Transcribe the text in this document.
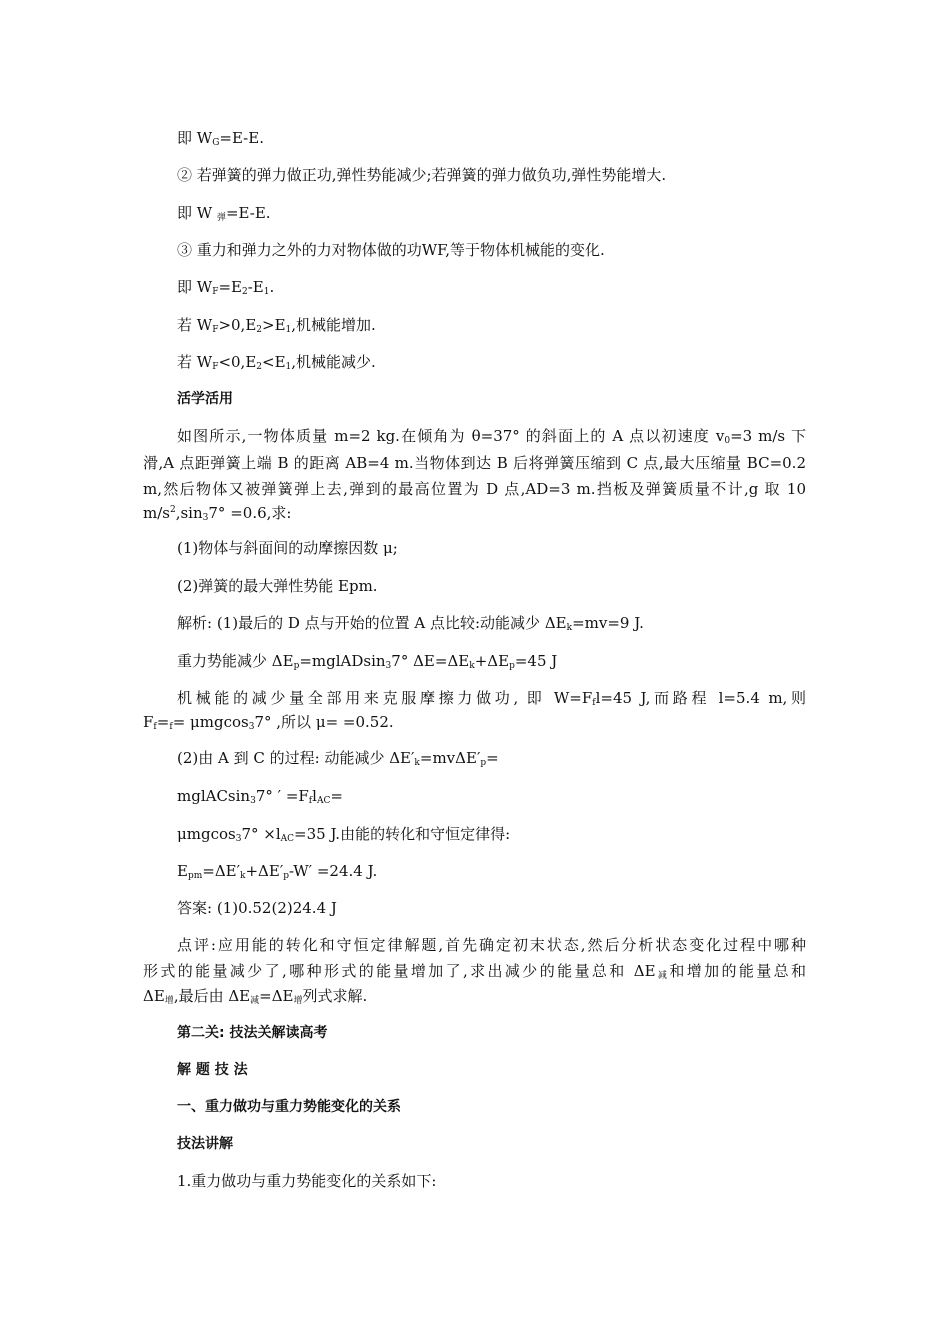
即 $W_G=E-E$.
② 若弹簧的弹力做正功,弹性势能减少;若弹簧的弹力做负功,弹性势能增大.
即 W $_弹$=E-E.
③ 重力和弹力之外的力对物体做的功WF,等于物体机械能的变化.
即 $W_F=E_2-E_1$.
若 $W_F>0,E_2>E_1$,机械能增加.
若 $W_F<0,E_2<E_1$,机械能减少.
活学活用
如图所示,一物体质量 m=2 kg.在倾角为 θ=37° 的斜面上的 A 点以初速度 $v_0=3$ m/s 下
滑,A 点距弹簧上端 B 的距离 AB=4 m.当物体到达 B 后将弹簧压缩到 C 点,最大压缩量 BC=0.2
m,然后物体又被弹簧弹上去,弹到的最高位置为 D 点,AD=3 m.挡板及弹簧质量不计,g 取 10
$m/s^2,\sin_37^\circ =0.6$,求:
(1)物体与斜面间的动摩擦因数 μ;
(2)弹簧的最大弹性势能 Epm.
解析: (1)最后的 D 点与开始的位置 A 点比较:动能减少 $\Delta E_k=mv=9$ J.
重力势能减少 $\Delta E_p=mglADsin_37^\circ$ $\Delta E=\Delta E_k+\Delta E_p=45$ J
机械能的减少量全部用来克服摩擦力做功, 即 $W=F_fl=45$ J,而路程 l=5.4 m,则
$F_f=_f= \mu mgcos_37^\circ$ ,所以 μ= =0.52.
(2)由 A 到 C 的过程: 动能减少 $\Delta E'_k=mv\Delta E'_p=$
mglACsin$_3$7° ′ $=F_fl_{AC}=$
$\mu mgcos_37^\circ \times l_{AC}=35$ J.由能的转化和守恒定律得:
$E_{pm}=\Delta E'_k+\Delta E'_p-W' =24.4$ J.
答案: (1)0.52(2)24.4 J
点评:应用能的转化和守恒定律解题,首先确定初末状态,然后分析状态变化过程中哪种
形式的能量减少了,哪种形式的能量增加了,求出减少的能量总和 $\Delta E_减$和增加的能量总和
$\Delta E_增$,最后由 $\Delta E_减=\Delta E_增$列式求解.
第二关: 技法关解读高考
解 题 技 法
一、重力做功与重力势能变化的关系
技法讲解
1.重力做功与重力势能变化的关系如下:
